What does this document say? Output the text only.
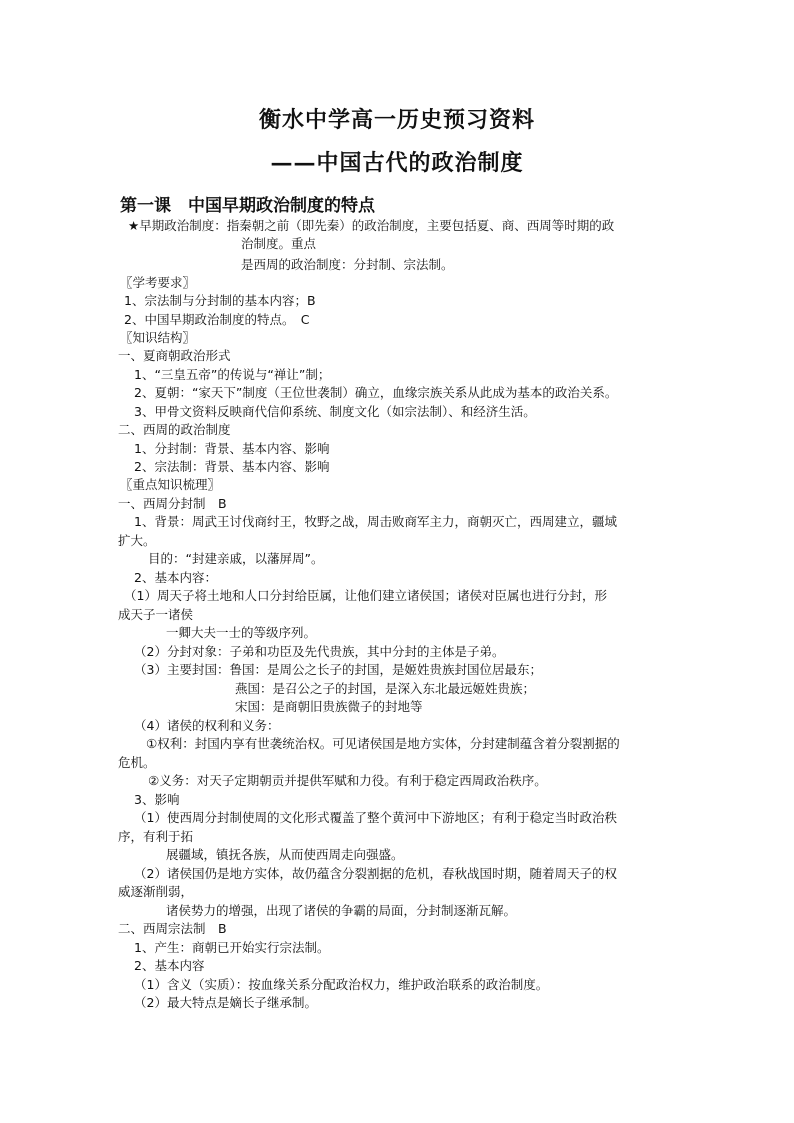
衡水中学高一历史预习资料
——中国古代的政治制度
第一课　中国早期政治制度的特点
★早期政治制度：指秦朝之前（即先秦）的政治制度，主要包括夏、商、西周等时期的政
治制度。重点
是西周的政治制度：分封制、宗法制。
〖学考要求〗
1、宗法制与分封制的基本内容；B
2、中国早期政治制度的特点。　C
〖知识结构〗
一、夏商朝政治形式
1、“三皇五帝”的传说与“禅让”制；
2、夏朝：“家天下”制度（王位世袭制）确立，血缘宗族关系从此成为基本的政治关系。
3、甲骨文资料反映商代信仰系统、制度文化（如宗法制）、和经济生活。
二、西周的政治制度
1、分封制：背景、基本内容、影响
2、宗法制：背景、基本内容、影响
〖重点知识梳理〗
一、西周分封制　B
1、背景：周武王讨伐商纣王，牧野之战，周击败商军主力，商朝灭亡，西周建立，疆域
扩大。
目的：“封建亲戚，以藩屏周”。
2、基本内容：
（1）周天子将土地和人口分封给臣属，让他们建立诸侯国；诸侯对臣属也进行分封，形
成天子一诸侯
一卿大夫一士的等级序列。
（2）分封对象：子弟和功臣及先代贵族，其中分封的主体是子弟。
（3）主要封国：鲁国：是周公之长子的封国，是姬姓贵族封国位居最东；
燕国：是召公之子的封国，是深入东北最远姬姓贵族；
宋国：是商朝旧贵族微子的封地等
（4）诸侯的权利和义务：
①权利：封国内享有世袭统治权。可见诸侯国是地方实体，分封建制蕴含着分裂割据的
危机。
②义务：对天子定期朝贡并提供军赋和力役。有利于稳定西周政治秩序。
3、影响
（1）使西周分封制使周的文化形式覆盖了整个黄河中下游地区；有利于稳定当时政治秩
序，有利于拓
展疆域，镇抚各族，从而使西周走向强盛。
（2）诸侯国仍是地方实体，故仍蕴含分裂割据的危机，春秋战国时期，随着周天子的权
威逐渐削弱，
诸侯势力的增强，出现了诸侯的争霸的局面，分封制逐渐瓦解。
二、西周宗法制　B
1、产生：商朝已开始实行宗法制。
2、基本内容
（1）含义（实质）：按血缘关系分配政治权力，维护政治联系的政治制度。
（2）最大特点是嫡长子继承制。
